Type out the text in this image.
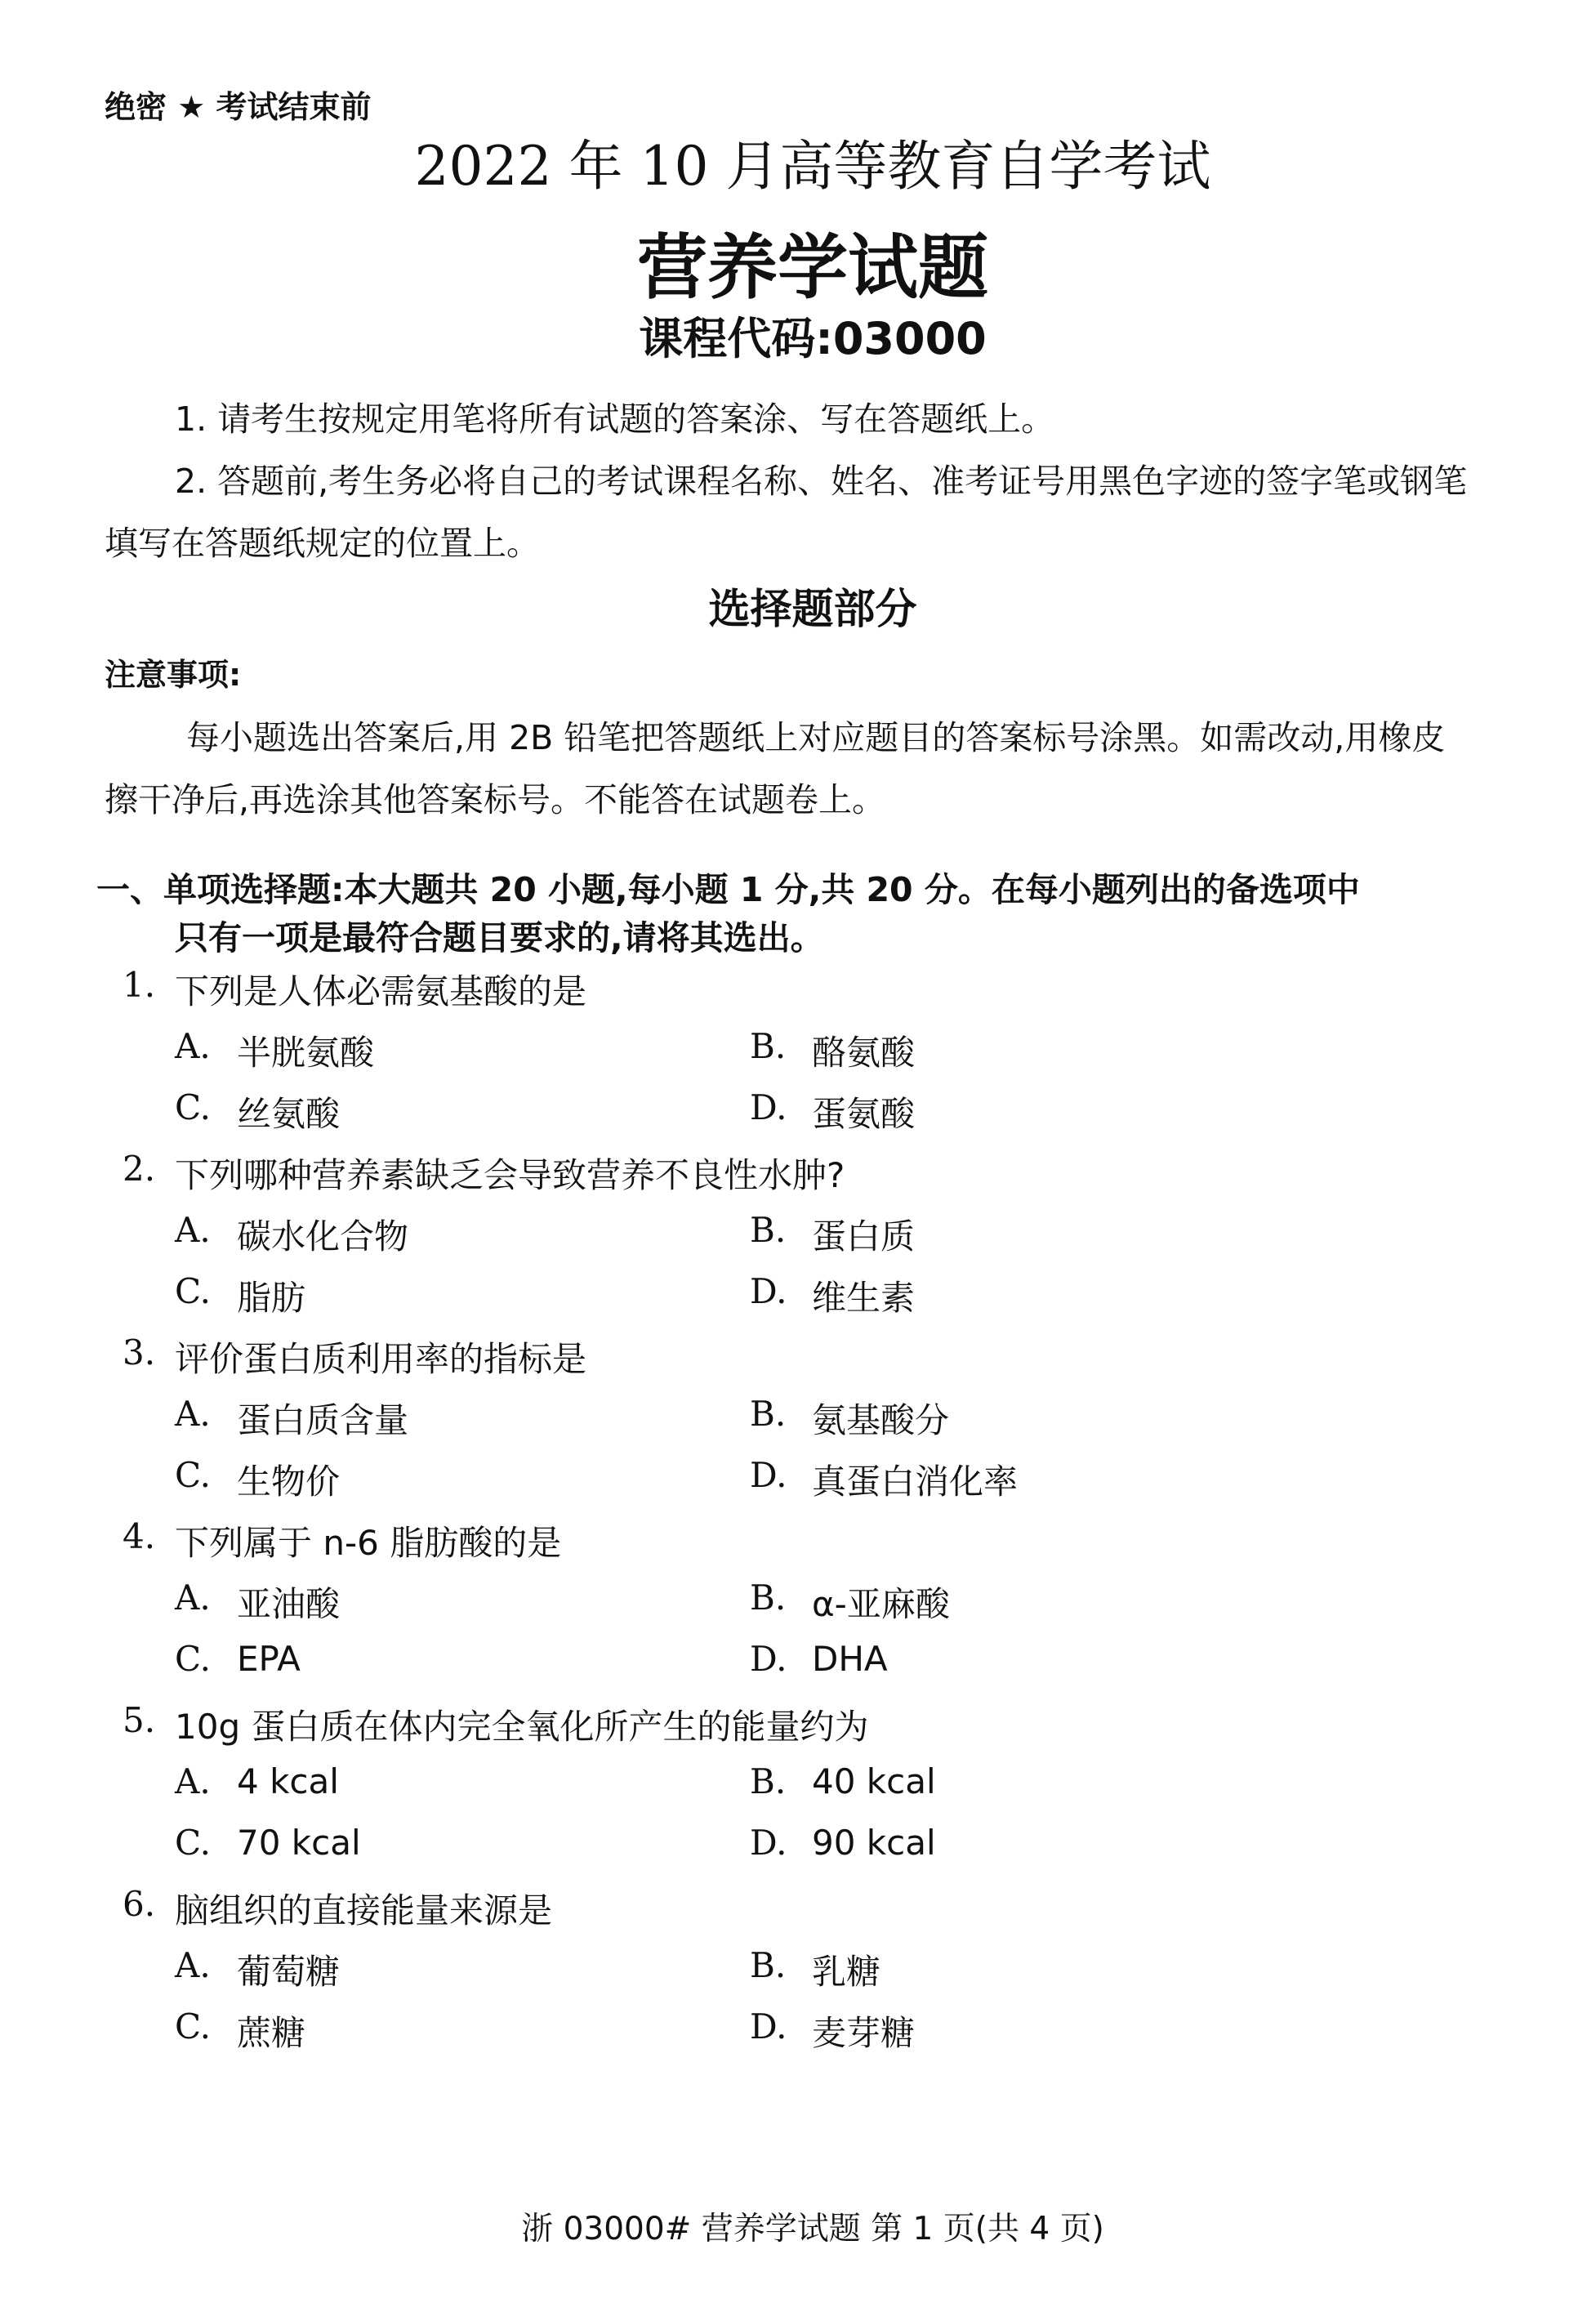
绝密 ★ 考试结束前
2022 年 10 月高等教育自学考试
营养学试题
课程代码:03000
1. 请考生按规定用笔将所有试题的答案涂、写在答题纸上。
2. 答题前,考生务必将自己的考试课程名称、姓名、准考证号用黑色字迹的签字笔或钢笔
填写在答题纸规定的位置上。
选择题部分
注意事项:
每小题选出答案后,用 2B 铅笔把答题纸上对应题目的答案标号涂黑。如需改动,用橡皮
擦干净后,再选涂其他答案标号。不能答在试题卷上。
一、单项选择题:本大题共 20 小题,每小题 1 分,共 20 分。在每小题列出的备选项中
只有一项是最符合题目要求的,请将其选出。
1. 下列是人体必需氨基酸的是
A. 半胱氨酸	B. 酪氨酸
C. 丝氨酸	D. 蛋氨酸
2. 下列哪种营养素缺乏会导致营养不良性水肿?
A. 碳水化合物	B. 蛋白质
C. 脂肪	D. 维生素
3. 评价蛋白质利用率的指标是
A. 蛋白质含量	B. 氨基酸分
C. 生物价	D. 真蛋白消化率
4. 下列属于 n-6 脂肪酸的是
A. 亚油酸	B. α-亚麻酸
C. EPA	D. DHA
5. 10g 蛋白质在体内完全氧化所产生的能量约为
A. 4 kcal	B. 40 kcal
C. 70 kcal	D. 90 kcal
6. 脑组织的直接能量来源是
A. 葡萄糖	B. 乳糖
C. 蔗糖	D. 麦芽糖
浙 03000# 营养学试题 第 1 页(共 4 页)
